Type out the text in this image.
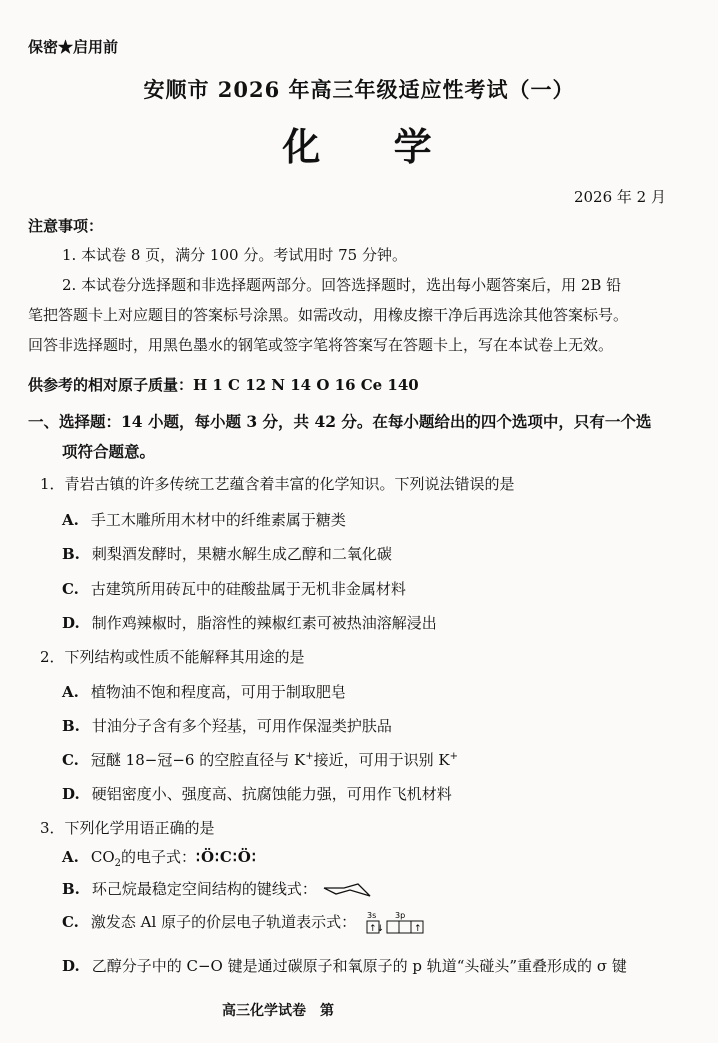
保密★启用前
安顺市 2026 年高三年级适应性考试（一）
化 学
2026 年 2 月
注意事项：
1. 本试卷 8 页，满分 100 分。考试用时 75 分钟。
2. 本试卷分选择题和非选择题两部分。回答选择题时，选出每小题答案后，用 2B 铅
笔把答题卡上对应题目的答案标号涂黑。如需改动，用橡皮擦干净后再选涂其他答案标号。
回答非选择题时，用黑色墨水的钢笔或签字笔将答案写在答题卡上，写在本试卷上无效。
供参考的相对原子质量：H 1 C 12 N 14 O 16 Ce 140
一、选择题：14 小题，每小题 3 分，共 42 分。在每小题给出的四个选项中，只有一个选
项符合题意。
1．青岩古镇的许多传统工艺蕴含着丰富的化学知识。下列说法错误的是
A. 手工木雕所用木材中的纤维素属于糖类
B. 刺梨酒发酵时，果糖水解生成乙醇和二氧化碳
C. 古建筑所用砖瓦中的硅酸盐属于无机非金属材料
D. 制作鸡辣椒时，脂溶性的辣椒红素可被热油溶解浸出
2．下列结构或性质不能解释其用途的是
A. 植物油不饱和程度高，可用于制取肥皂
B. 甘油分子含有多个羟基，可用作保湿类护肤品
C. 冠醚 18−冠−6 的空腔直径与 K+接近，可用于识别 K+
D. 硬铝密度小、强度高、抗腐蚀能力强，可用作飞机材料
3．下列化学用语正确的是
A. $CO_2$的电子式：∶Ö∶C∶Ö∶
B. 环己烷最稳定空间结构的键线式：
C. 激发态 Al 原子的价层电子轨道表示式： 3s 3p
↑↓	↑
D. 乙醇分子中的 C−O 键是通过碳原子和氧原子的 p 轨道“头碰头”重叠形成的 σ 键
高三化学试卷　第
